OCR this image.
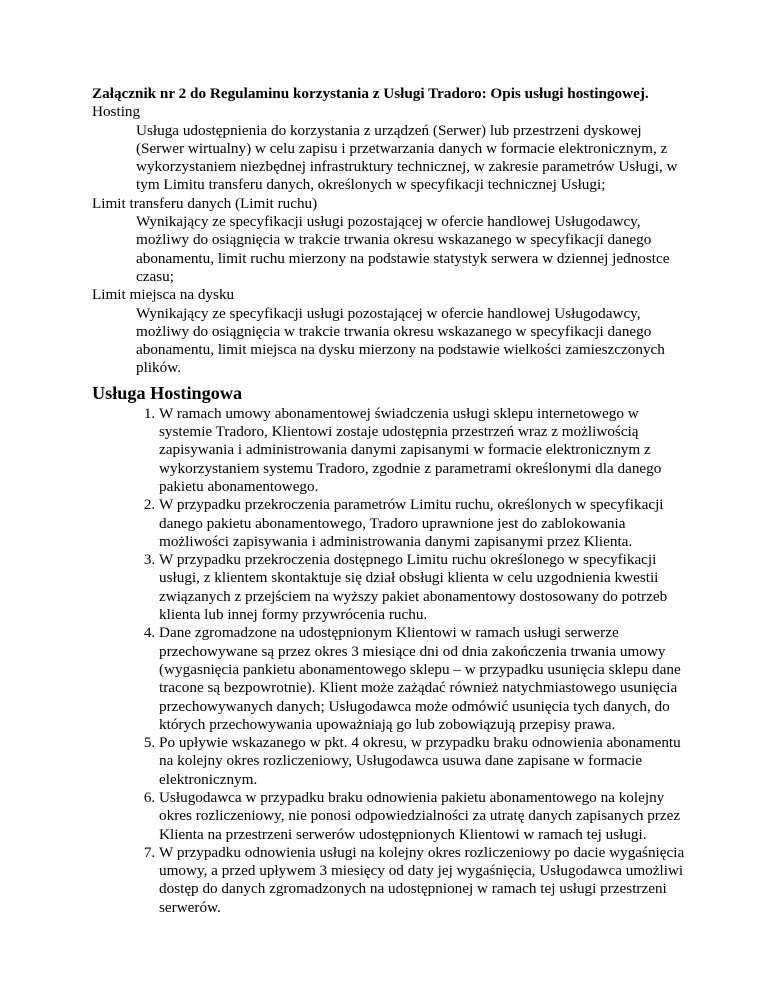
Załącznik nr 2 do Regulaminu korzystania z Usługi Tradoro: Opis usługi hostingowej.

Hosting

Usługa udostępnienia do korzystania z urządzeń (Serwer) lub przestrzeni dyskowej (Serwer wirtualny) w celu zapisu i przetwarzania danych w formacie elektronicznym, z wykorzystaniem niezbędnej infrastruktury technicznej, w zakresie parametrów Usługi, w tym Limitu transferu danych, określonych w specyfikacji technicznej Usługi;

Limit transferu danych (Limit ruchu)

Wynikający ze specyfikacji usługi pozostającej w ofercie handlowej Usługodawcy, możliwy do osiągnięcia w trakcie trwania okresu wskazanego w specyfikacji danego abonamentu, limit ruchu mierzony na podstawie statystyk serwera w dziennej jednostce czasu;

Limit miejsca na dysku

Wynikający ze specyfikacji usługi pozostającej w ofercie handlowej Usługodawcy, możliwy do osiągnięcia w trakcie trwania okresu wskazanego w specyfikacji danego abonamentu, limit miejsca na dysku mierzony na podstawie wielkości zamieszczonych plików.

Usługa Hostingowa
1. W ramach umowy abonamentowej świadczenia usługi sklepu internetowego w systemie Tradoro, Klientowi zostaje udostępnia przestrzeń wraz z możliwością zapisywania i administrowania danymi zapisanymi w formacie elektronicznym z wykorzystaniem systemu Tradoro, zgodnie z parametrami określonymi dla danego pakietu abonamentowego.
2. W przypadku przekroczenia parametrów Limitu ruchu, określonych w specyfikacji danego pakietu abonamentowego, Tradoro uprawnione jest do zablokowania możliwości zapisywania i administrowania danymi zapisanymi przez Klienta.
3. W przypadku przekroczenia dostępnego Limitu ruchu określonego w specyfikacji usługi, z klientem skontaktuje się dział obsługi klienta w celu uzgodnienia kwestii związanych z przejściem na wyższy pakiet abonamentowy dostosowany do potrzeb klienta lub innej formy przywrócenia ruchu.
4. Dane zgromadzone na udostępnionym Klientowi w ramach usługi serwerze przechowywane są przez okres 3 miesiące dni od dnia zakończenia trwania umowy (wygasnięcia pankietu abonamentowego sklepu – w przypadku usunięcia sklepu dane tracone są bezpowrotnie). Klient może zażądać również natychmiastowego usunięcia przechowywanych danych; Usługodawca może odmówić usunięcia tych danych, do których przechowywania upoważniają go lub zobowiązują przepisy prawa.
5. Po upływie wskazanego w pkt. 4 okresu, w przypadku braku odnowienia abonamentu na kolejny okres rozliczeniowy, Usługodawca usuwa dane zapisane w formacie elektronicznym.
6. Usługodawca w przypadku braku odnowienia pakietu abonamentowego na kolejny okres rozliczeniowy, nie ponosi odpowiedzialności za utratę danych zapisanych przez Klienta na przestrzeni serwerów udostępnionych Klientowi w ramach tej usługi.
7. W przypadku odnowienia usługi na kolejny okres rozliczeniowy po dacie wygaśnięcia umowy, a przed upływem 3 miesięcy od daty jej wygaśnięcia, Usługodawca umożliwi dostęp do danych zgromadzonych na udostępnionej w ramach tej usługi przestrzeni serwerów.
